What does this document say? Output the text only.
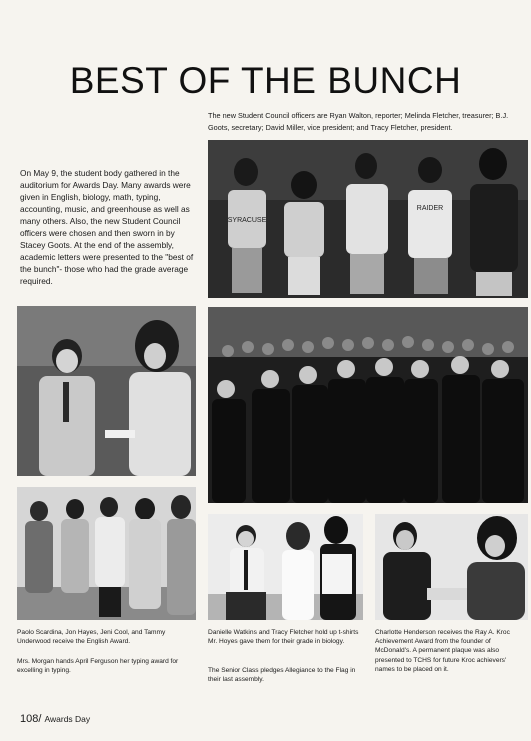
BEST OF THE BUNCH
The new Student Council officers are Ryan Walton, reporter; Melinda Fletcher, treasurer; B.J. Goots, secretary; David Miller, vice president; and Tracy Fletcher, president.
On May 9, the student body gathered in the auditorium for Awards Day. Many awards were given in English, biology, math, typing, accounting, music, and greenhouse as well as many others. Also, the new Student Council officers were chosen and then sworn in by Stacey Goots. At the end of the assembly, academic letters were presented to the "best of the bunch"- those who had the grade average required.
SYRACUSE
RAIDER
Paolo Scardina, Jon Hayes, Jeni Cool, and Tammy Underwood receive the English Award.
Mrs. Morgan hands April Ferguson her typing award for excelling in typing.
Danielle Watkins and Tracy Fletcher hold up t-shirts Mr. Hoyes gave them for their grade in biology.
The Senior Class pledges Allegiance to the Flag in their last assembly.
Charlotte Henderson receives the Ray A. Kroc Achievement Award from the founder of McDonald's. A permanent plaque was also presented to TCHS for future Kroc achievers' names to be placed on it.
108/ Awards Day
